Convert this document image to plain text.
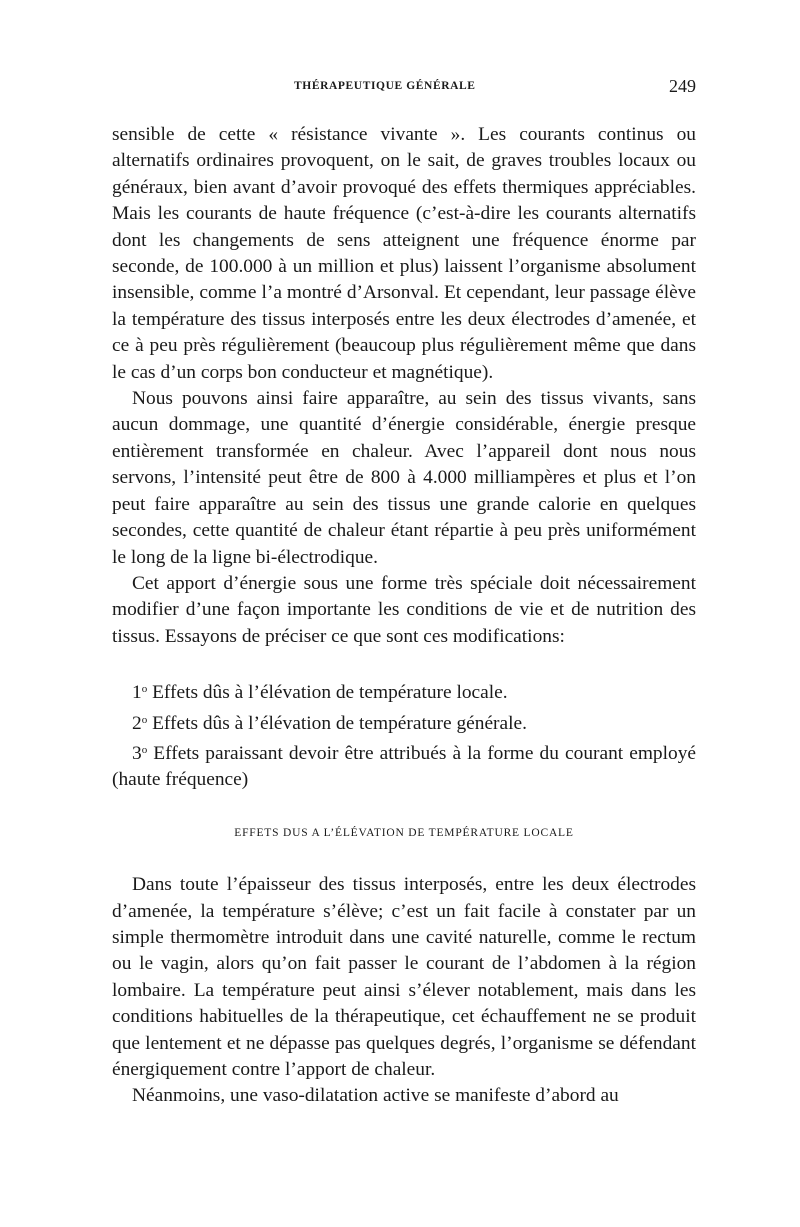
THÉRAPEUTIQUE GÉNÉRALE	249

sensible de cette « résistance vivante ». Les courants continus ou alternatifs ordinaires provoquent, on le sait, de graves troubles locaux ou généraux, bien avant d’avoir provoqué des effets thermiques appréciables. Mais les courants de haute fréquence (c’est-à-dire les courants alternatifs dont les changements de sens atteignent une fréquence énorme par seconde, de 100.000 à un million et plus) laissent l’organisme absolument insensible, comme l’a montré d’Arsonval. Et cependant, leur passage élève la température des tissus interposés entre les deux électrodes d’amenée, et ce à peu près régulièrement (beaucoup plus régulièrement même que dans le cas d’un corps bon conducteur et magnétique).

Nous pouvons ainsi faire apparaître, au sein des tissus vivants, sans aucun dommage, une quantité d’énergie considérable, énergie presque entièrement transformée en chaleur. Avec l’appareil dont nous nous servons, l’intensité peut être de 800 à 4.000 milliampères et plus et l’on peut faire apparaître au sein des tissus une grande calorie en quelques secondes, cette quantité de chaleur étant répartie à peu près uniformément le long de la ligne bi-électrodique.

Cet apport d’énergie sous une forme très spéciale doit nécessairement modifier d’une façon importante les conditions de vie et de nutrition des tissus. Essayons de préciser ce que sont ces modifications:

1$^o$ Effets dûs à l’élévation de température locale.

2$^o$ Effets dûs à l’élévation de température générale.

3$^o$ Effets paraissant devoir être attribués à la forme du courant employé (haute fréquence)

EFFETS DUS A L’ÉLÉVATION DE TEMPÉRATURE LOCALE

Dans toute l’épaisseur des tissus interposés, entre les deux électrodes d’amenée, la température s’élève; c’est un fait facile à constater par un simple thermomètre introduit dans une cavité naturelle, comme le rectum ou le vagin, alors qu’on fait passer le courant de l’abdomen à la région lombaire. La température peut ainsi s’élever notablement, mais dans les conditions habituelles de la thérapeutique, cet échauffement ne se produit que lentement et ne dépasse pas quelques degrés, l’organisme se défendant énergiquement contre l’apport de chaleur.

Néanmoins, une vaso-dilatation active se manifeste d’abord au
